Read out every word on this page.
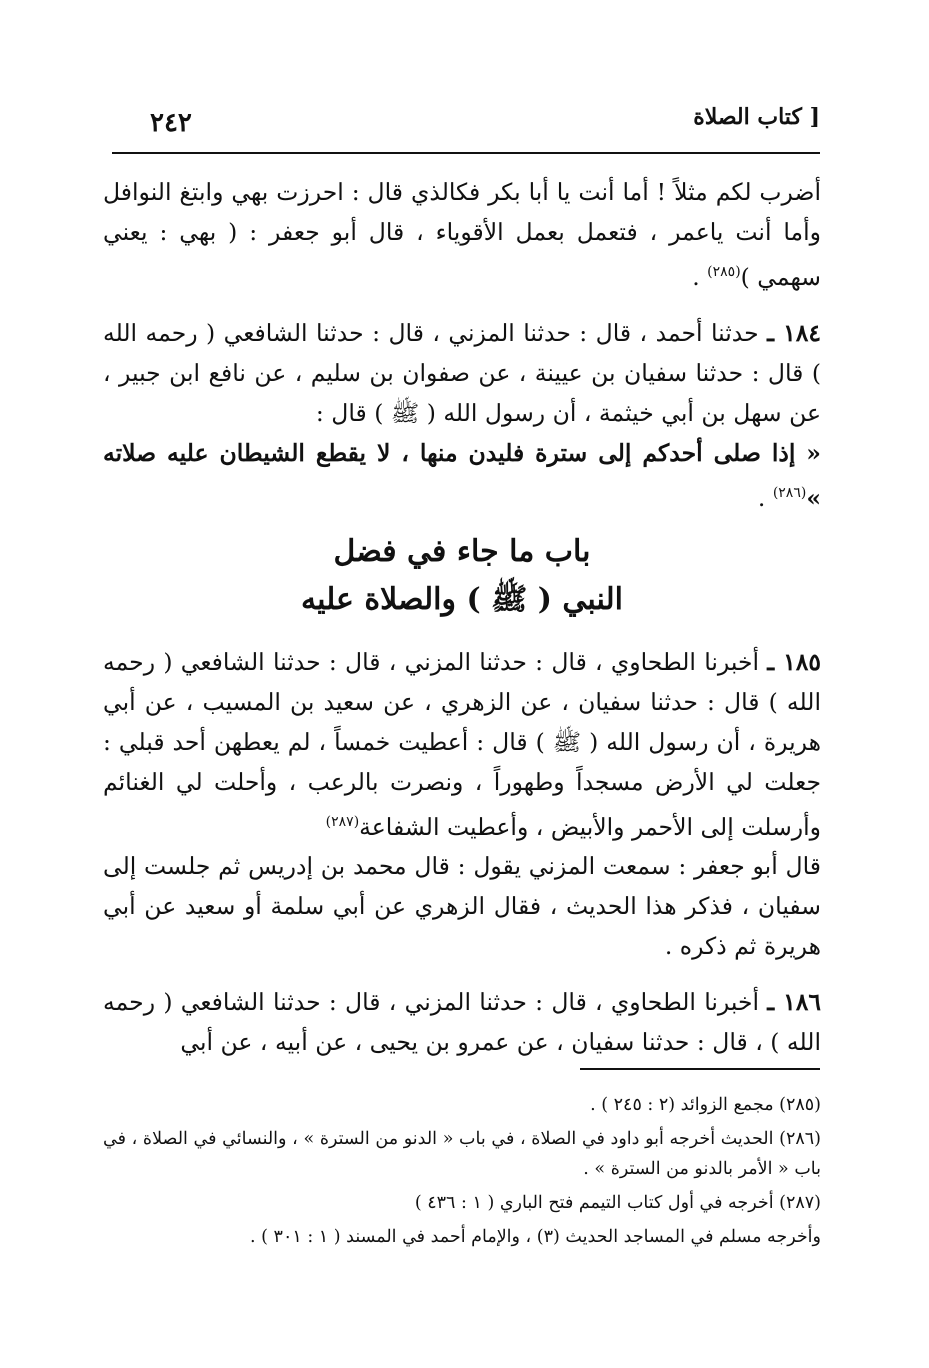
[ كتاب الصلاة
٢٤٢

أضرب لكم مثلاً ! أما أنت يا أبا بكر فكالذي قال : احرزت بهي وابتغ النوافل وأما أنت ياعمر ، فتعمل بعمل الأقوياء ، قال أبو جعفر : ( بهي : يعني سهمي )$^{(٢٨٥)}$ .

١٨٤ ـ حدثنا أحمد ، قال : حدثنا المزني ، قال : حدثنا الشافعي ( رحمه الله ) قال : حدثنا سفيان بن عيينة ، عن صفوان بن سليم ، عن نافع ابن جبير ، عن سهل بن أبي خيثمة ، أن رسول الله ( ﷺ ) قال :

« إذا صلى أحدكم إلى سترة فليدن منها ، لا يقطع الشيطان عليه صلاته »$^{(٢٨٦)}$ .

باب ما جاء في فضل
النبي ( ﷺ ) والصلاة عليه

١٨٥ ـ أخبرنا الطحاوي ، قال : حدثنا المزني ، قال : حدثنا الشافعي ( رحمه الله ) قال : حدثنا سفيان ، عن الزهري ، عن سعيد بن المسيب ، عن أبي هريرة ، أن رسول الله ( ﷺ ) قال : أعطيت خمساً ، لم يعطهن أحد قبلي : جعلت لي الأرض مسجداً وطهوراً ، ونصرت بالرعب ، وأحلت لي الغنائم وأرسلت إلى الأحمر والأبيض ، وأعطيت الشفاعة$^{(٢٨٧)}$

قال أبو جعفر : سمعت المزني يقول : قال محمد بن إدريس ثم جلست إلى سفيان ، فذكر هذا الحديث ، فقال الزهري عن أبي سلمة أو سعيد عن أبي هريرة ثم ذكره .

١٨٦ ـ أخبرنا الطحاوي ، قال : حدثنا المزني ، قال : حدثنا الشافعي ( رحمه الله ) ، قال : حدثنا سفيان ، عن عمرو بن يحيى ، عن أبيه ، عن أبي

(٢٨٥) مجمع الزوائد (٢ : ٢٤٥ ) .

(٢٨٦) الحديث أخرجه أبو داود في الصلاة ، في باب « الدنو من السترة » ، والنسائي في الصلاة ، في باب « الأمر بالدنو من السترة » .

(٢٨٧) أخرجه في أول كتاب التيمم فتح الباري ( ١ : ٤٣٦ )

وأخرجه مسلم في المساجد الحديث (٣) ، والإمام أحمد في المسند ( ١ : ٣٠١ ) .
